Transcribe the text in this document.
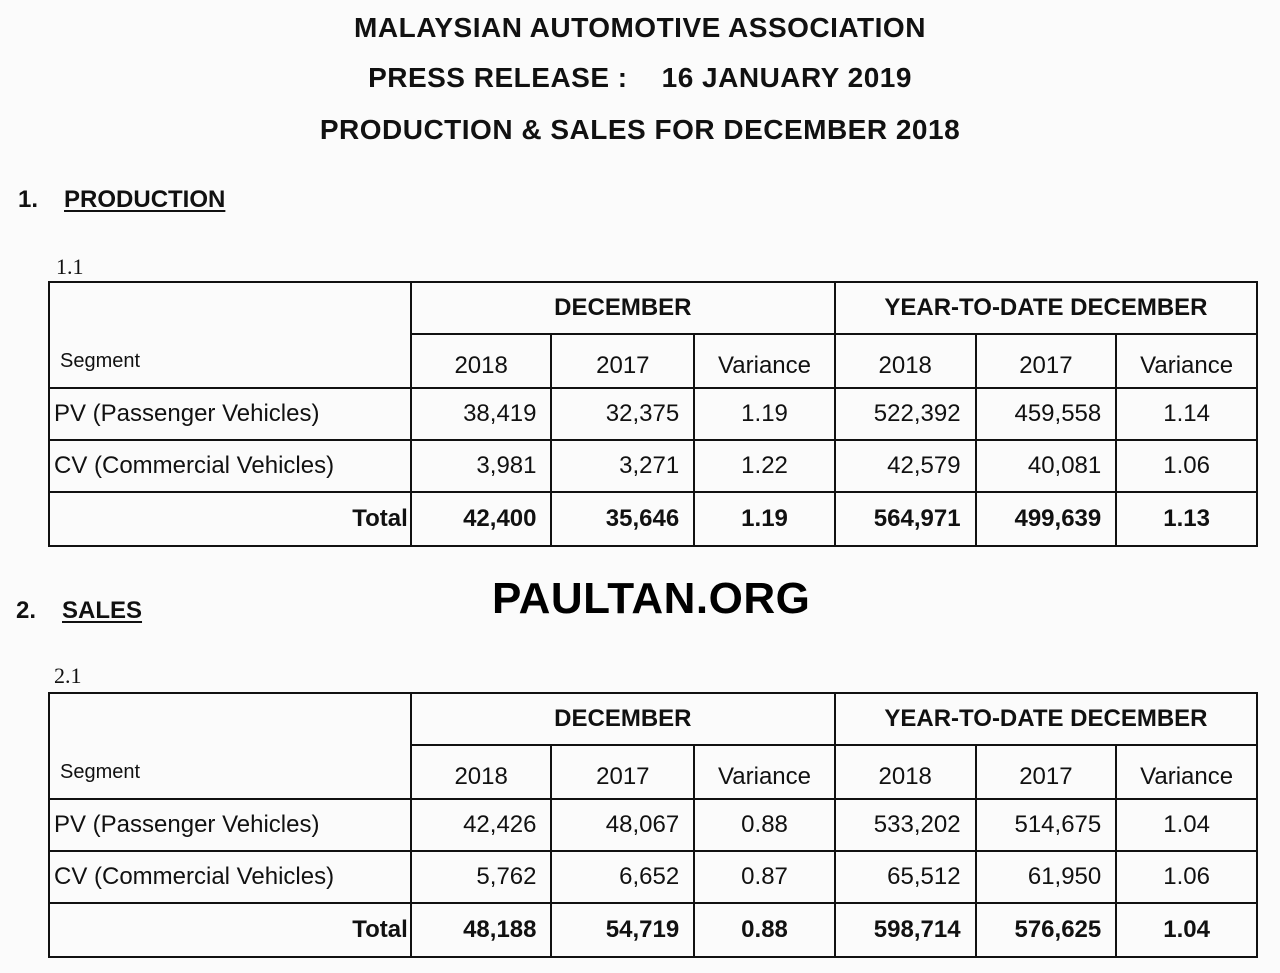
MALAYSIAN AUTOMOTIVE ASSOCIATION
PRESS RELEASE : 16 JANUARY 2019
PRODUCTION & SALES FOR DECEMBER 2018
1. PRODUCTION
1.1
Segment	DECEMBER			YEAR-TO-DATE DECEMBER		
	2018	2017	Variance	2018	2017	Variance
PV (Passenger Vehicles)	38,419	32,375	1.19	522,392	459,558	1.14
CV (Commercial Vehicles)	3,981	3,271	1.22	42,579	40,081	1.06
Total	42,400	35,646	1.19	564,971	499,639	1.13
2. SALES	PAULTAN.ORG
2.1
Segment	DECEMBER			YEAR-TO-DATE DECEMBER		
	2018	2017	Variance	2018	2017	Variance
PV (Passenger Vehicles)	42,426	48,067	0.88	533,202	514,675	1.04
CV (Commercial Vehicles)	5,762	6,652	0.87	65,512	61,950	1.06
Total	48,188	54,719	0.88	598,714	576,625	1.04
